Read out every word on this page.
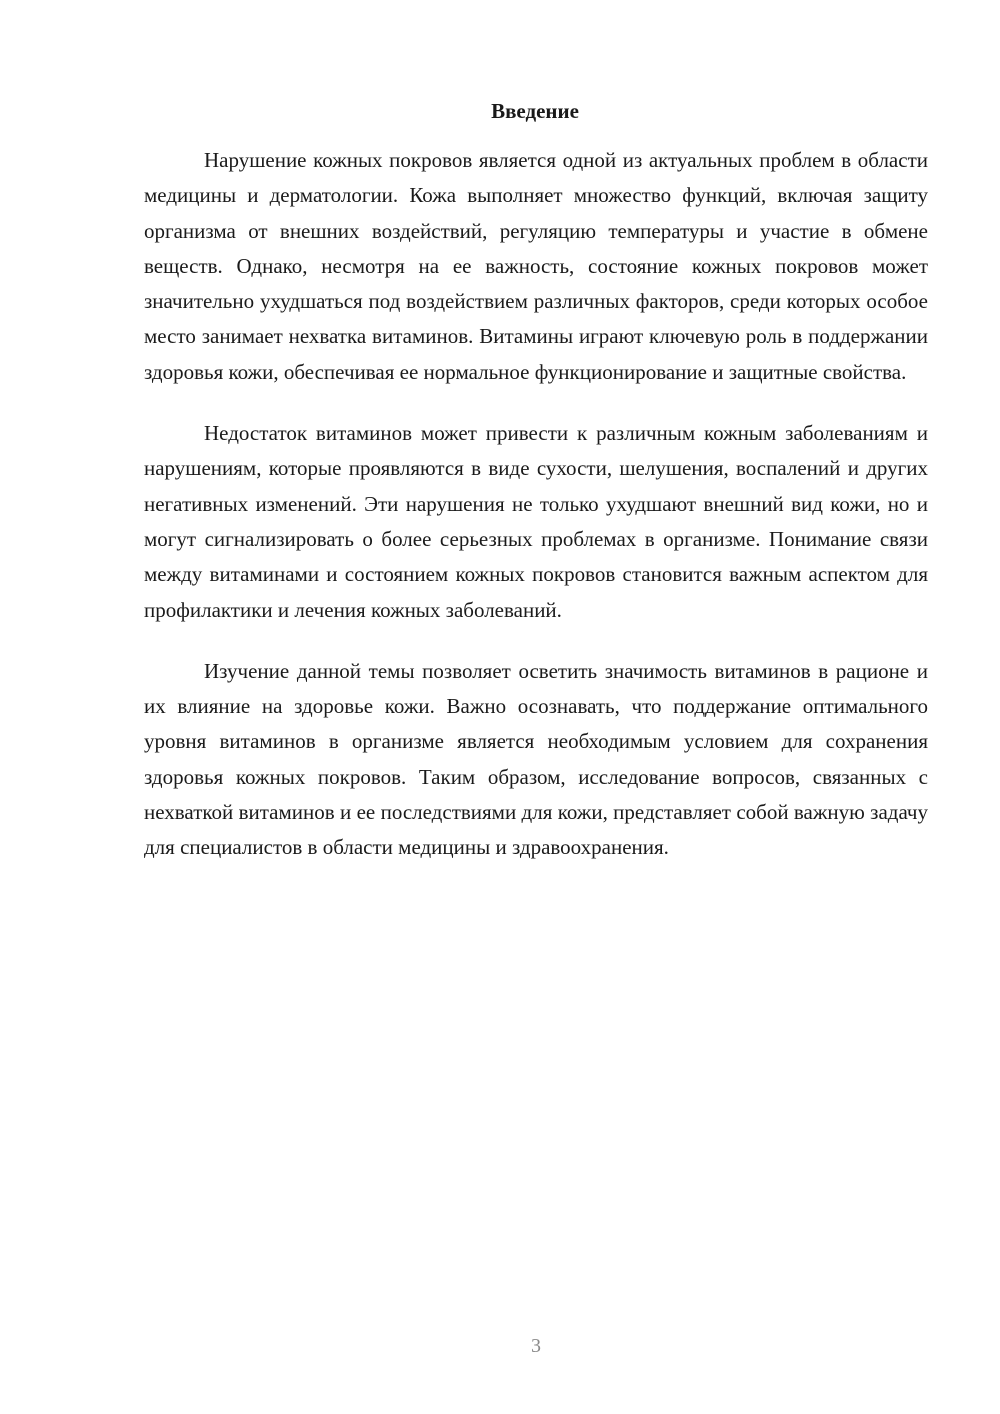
Введение

Нарушение кожных покровов является одной из актуальных проблем в области медицины и дерматологии. Кожа выполняет множество функций, включая защиту организма от внешних воздействий, регуляцию температуры и участие в обмене веществ. Однако, несмотря на ее важность, состояние кожных покровов может значительно ухудшаться под воздействием различных факторов, среди которых особое место занимает нехватка витаминов. Витамины играют ключевую роль в поддержании здоровья кожи, обеспечивая ее нормальное функционирование и защитные свойства.

Недостаток витаминов может привести к различным кожным заболеваниям и нарушениям, которые проявляются в виде сухости, шелушения, воспалений и других негативных изменений. Эти нарушения не только ухудшают внешний вид кожи, но и могут сигнализировать о более серьезных проблемах в организме. Понимание связи между витаминами и состоянием кожных покровов становится важным аспектом для профилактики и лечения кожных заболеваний.

Изучение данной темы позволяет осветить значимость витаминов в рационе и их влияние на здоровье кожи. Важно осознавать, что поддержание оптимального уровня витаминов в организме является необходимым условием для сохранения здоровья кожных покровов. Таким образом, исследование вопросов, связанных с нехваткой витаминов и ее последствиями для кожи, представляет собой важную задачу для специалистов в области медицины и здравоохранения.

3
